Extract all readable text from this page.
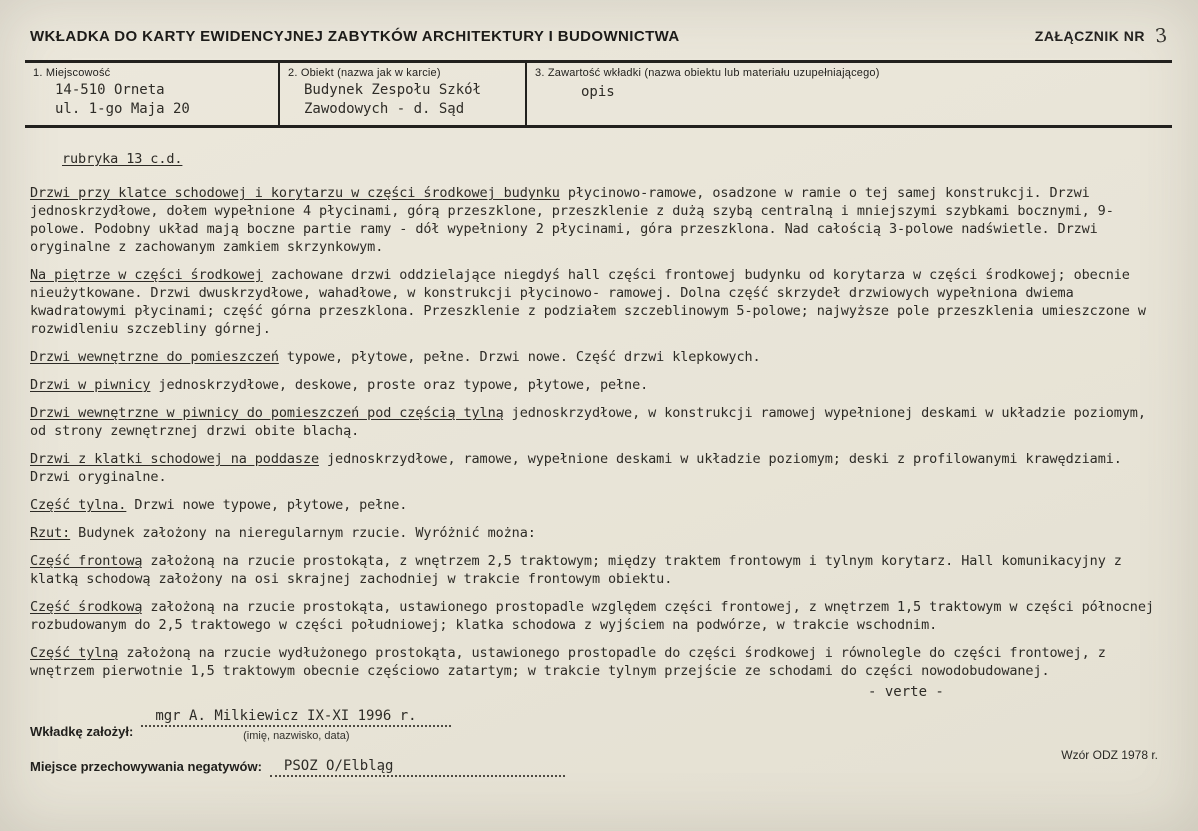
WKŁADKA DO KARTY EWIDENCYJNEJ ZABYTKÓW ARCHITEKTURY I BUDOWNICTWA	ZAŁĄCZNIK NR 3
1. Miejscowość
14-510 Orneta
ul. 1-go Maja 20
2. Obiekt (nazwa jak w karcie)
Budynek Zespołu Szkół
Zawodowych - d. Sąd
3. Zawartość wkładki (nazwa obiektu lub materiału uzupełniającego)
opis
rubryka 13 c.d.

Drzwi przy klatce schodowej i korytarzu w części środkowej budynku płycinowo-ramowe, osadzone w ramie o tej samej konstrukcji. Drzwi jednoskrzydłowe, dołem wypełnione 4 płycinami, górą przeszklone, przeszklenie z dużą szybą centralną i mniejszymi szybkami bocznymi, 9-polowe. Podobny układ mają boczne partie ramy - dół wypełniony 2 płycinami, góra przeszklona. Nad całością 3-polowe nadświetle. Drzwi oryginalne z zachowanym zamkiem skrzynkowym.

Na piętrze w części środkowej zachowane drzwi oddzielające niegdyś hall części frontowej budynku od korytarza w części środkowej; obecnie nieużytkowane. Drzwi dwuskrzydłowe, wahadłowe, w konstrukcji płycinowo- ramowej. Dolna część skrzydeł drzwiowych wypełniona dwiema kwadratowymi płycinami; część górna przeszklona. Przeszklenie z podziałem szczeblinowym 5-polowe; najwyższe pole przeszklenia umieszczone w rozwidleniu szczebliny górnej.

Drzwi wewnętrzne do pomieszczeń typowe, płytowe, pełne. Drzwi nowe. Część drzwi klepkowych.

Drzwi w piwnicy jednoskrzydłowe, deskowe, proste oraz typowe, płytowe, pełne.

Drzwi wewnętrzne w piwnicy do pomieszczeń pod częścią tylną jednoskrzydłowe, w konstrukcji ramowej wypełnionej deskami w układzie poziomym, od strony zewnętrznej drzwi obite blachą.

Drzwi z klatki schodowej na poddasze jednoskrzydłowe, ramowe, wypełnione deskami w układzie poziomym; deski z profilowanymi krawędziami. Drzwi oryginalne.

Część tylna. Drzwi nowe typowe, płytowe, pełne.

Rzut: Budynek założony na nieregularnym rzucie. Wyróżnić można:

Część frontową założoną na rzucie prostokąta, z wnętrzem 2,5 traktowym; między traktem frontowym i tylnym korytarz. Hall komunikacyjny z klatką schodową założony na osi skrajnej zachodniej w trakcie frontowym obiektu.

Część środkową założoną na rzucie prostokąta, ustawionego prostopadle względem części frontowej, z wnętrzem 1,5 traktowym w części północnej rozbudowanym do 2,5 traktowego w części południowej; klatka schodowa z wyjściem na podwórze, w trakcie wschodnim.

Część tylną założoną na rzucie wydłużonego prostokąta, ustawionego prostopadle do części środkowej i równolegle do części frontowej, z wnętrzem pierwotnie 1,5 traktowym obecnie częściowo zatartym; w trakcie tylnym przejście ze schodami do części nowodobudowanej.

- verte -
Wkładkę założył:
mgr A. Milkiewicz IX-XI 1996 r.
(imię, nazwisko, data)
Miejsce przechowywania negatywów:	PSOZ O/Elbląg
Wzór ODZ 1978 r.
